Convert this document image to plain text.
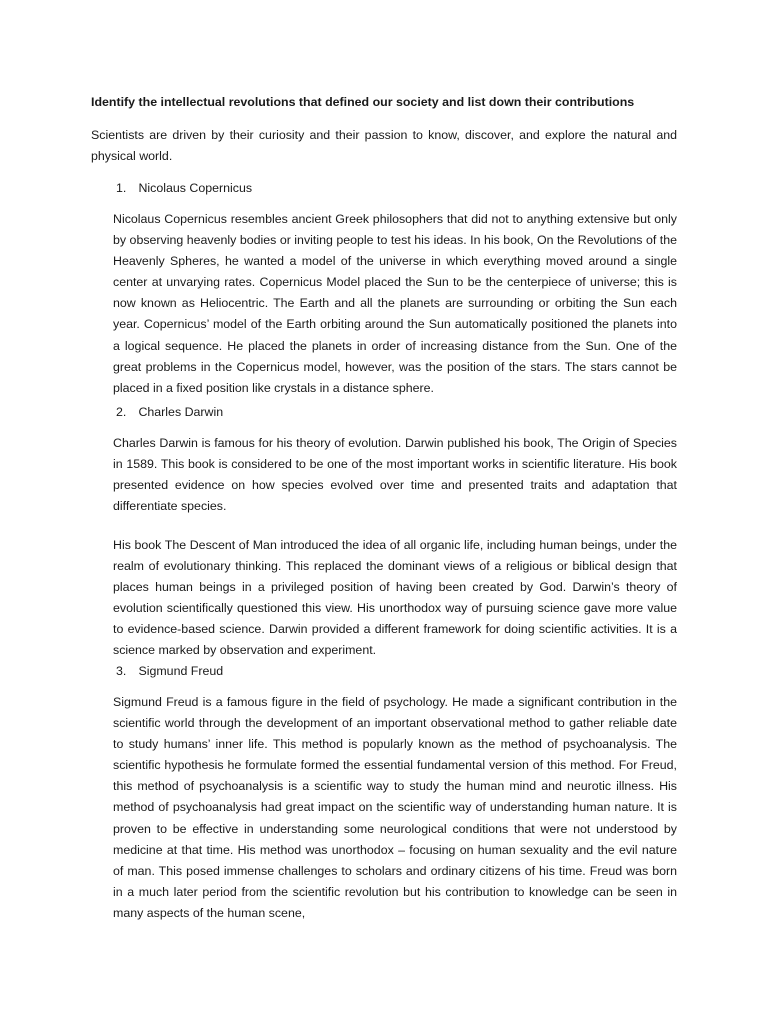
Identify the intellectual revolutions that defined our society and list down their contributions

Scientists are driven by their curiosity and their passion to know, discover, and explore the natural and physical world.

1. Nicolaus Copernicus

Nicolaus Copernicus resembles ancient Greek philosophers that did not to anything extensive but only by observing heavenly bodies or inviting people to test his ideas. In his book, On the Revolutions of the Heavenly Spheres, he wanted a model of the universe in which everything moved around a single center at unvarying rates. Copernicus Model placed the Sun to be the centerpiece of universe; this is now known as Heliocentric. The Earth and all the planets are surrounding or orbiting the Sun each year. Copernicus’ model of the Earth orbiting around the Sun automatically positioned the planets into a logical sequence. He placed the planets in order of increasing distance from the Sun. One of the great problems in the Copernicus model, however, was the position of the stars. The stars cannot be placed in a fixed position like crystals in a distance sphere.

2. Charles Darwin

Charles Darwin is famous for his theory of evolution. Darwin published his book, The Origin of Species in 1589. This book is considered to be one of the most important works in scientific literature. His book presented evidence on how species evolved over time and presented traits and adaptation that differentiate species.

His book The Descent of Man introduced the idea of all organic life, including human beings, under the realm of evolutionary thinking. This replaced the dominant views of a religious or biblical design that places human beings in a privileged position of having been created by God. Darwin’s theory of evolution scientifically questioned this view. His unorthodox way of pursuing science gave more value to evidence-based science. Darwin provided a different framework for doing scientific activities. It is a science marked by observation and experiment.

3. Sigmund Freud

Sigmund Freud is a famous figure in the field of psychology. He made a significant contribution in the scientific world through the development of an important observational method to gather reliable date to study humans’ inner life. This method is popularly known as the method of psychoanalysis. The scientific hypothesis he formulate formed the essential fundamental version of this method. For Freud, this method of psychoanalysis is a scientific way to study the human mind and neurotic illness. His method of psychoanalysis had great impact on the scientific way of understanding human nature. It is proven to be effective in understanding some neurological conditions that were not understood by medicine at that time. His method was unorthodox – focusing on human sexuality and the evil nature of man. This posed immense challenges to scholars and ordinary citizens of his time. Freud was born in a much later period from the scientific revolution but his contribution to knowledge can be seen in many aspects of the human scene,
